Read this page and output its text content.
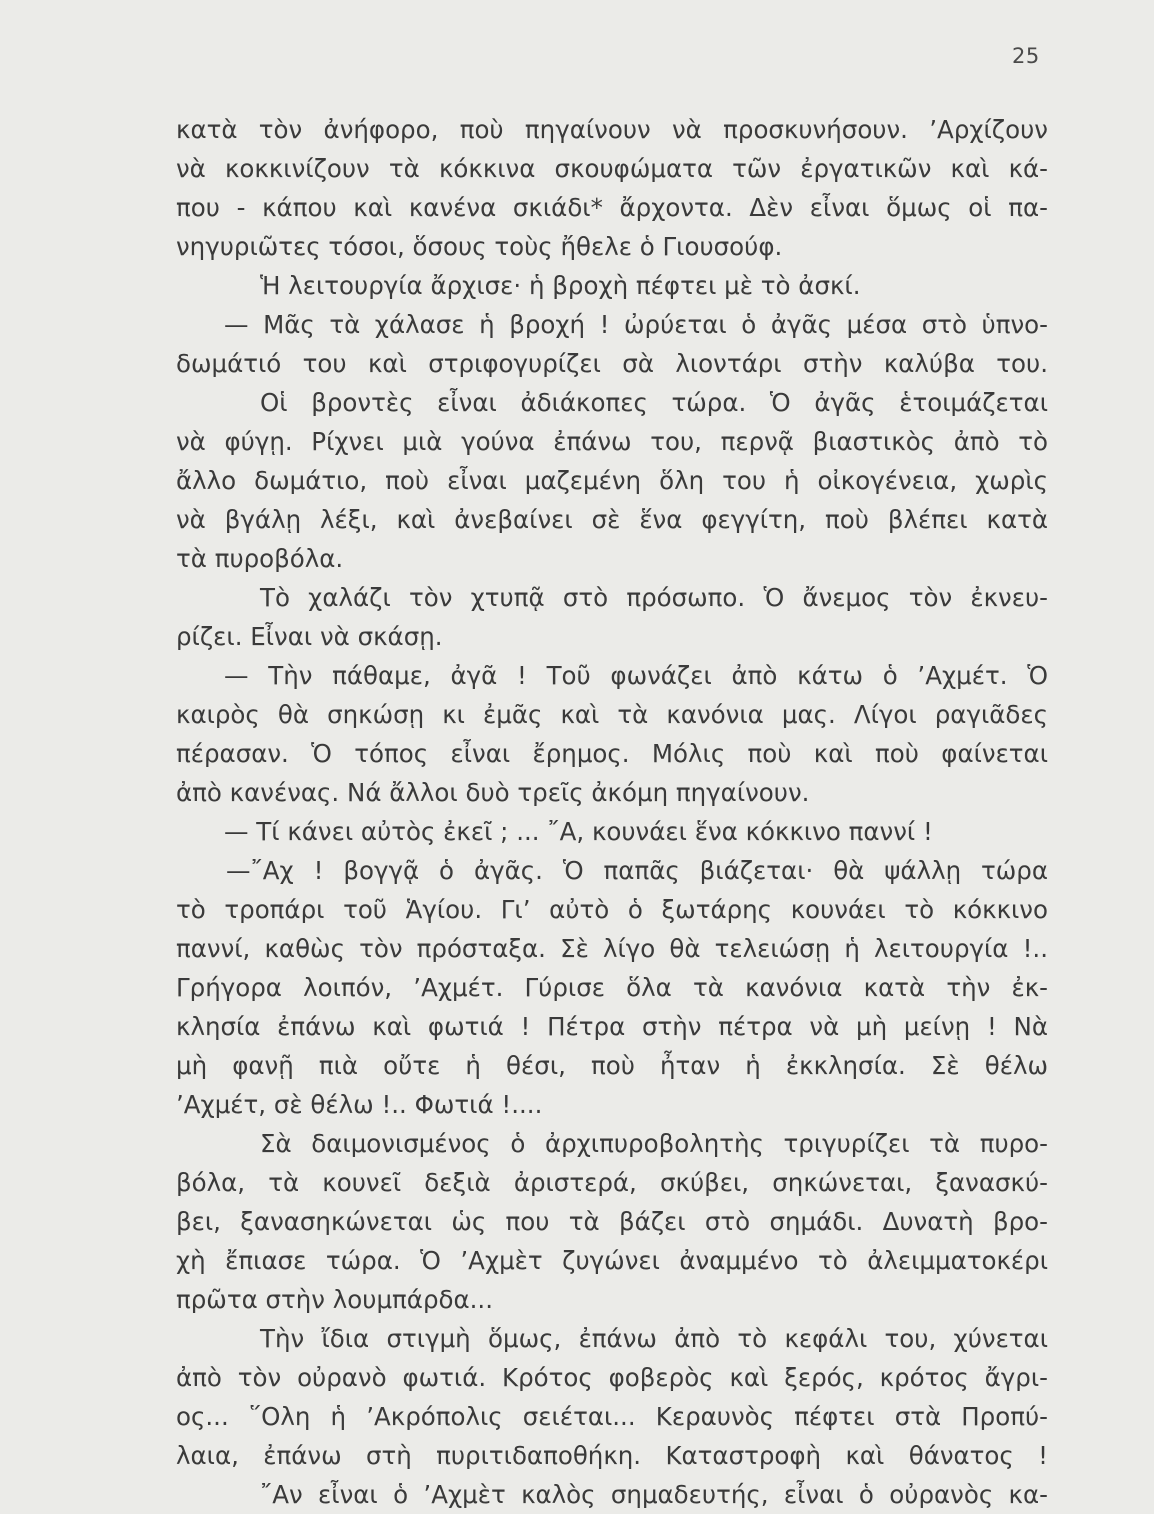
25
κατὰ τὸν ἀνήφορο, ποὺ πηγαίνουν νὰ προσκυνήσουν. ’Αρχίζουν
νὰ κοκκινίζουν τὰ κόκκινα σκουφώματα τῶν ἐργατικῶν καὶ κά-
που - κάπου καὶ κανένα σκιάδι* ἄρχοντα. Δὲν εἶναι ὅμως οἱ πα-
νηγυριῶτες τόσοι, ὅσους τοὺς ἤθελε ὁ Γιουσούφ.
Ἡ λειτουργία ἄρχισε· ἡ βροχὴ πέφτει μὲ τὸ ἀσκί.
— Μᾶς τὰ χάλασε ἡ βροχή ! ὠρύεται ὁ ἀγᾶς μέσα στὸ ὑπνο-
δωμάτιό του καὶ στριφογυρίζει σὰ λιοντάρι στὴν καλύβα του.
Οἱ βροντὲς εἶναι ἀδιάκοπες τώρα. Ὁ ἀγᾶς ἑτοιμάζεται
νὰ φύγῃ. Ρίχνει μιὰ γούνα ἐπάνω του, περνᾷ βιαστικὸς ἀπὸ τὸ
ἄλλο δωμάτιο, ποὺ εἶναι μαζεμένη ὅλη του ἡ οἰκογένεια, χωρὶς
νὰ βγάλῃ λέξι, καὶ ἀνεβαίνει σὲ ἕνα φεγγίτη, ποὺ βλέπει κατὰ
τὰ πυροβόλα.
Τὸ χαλάζι τὸν χτυπᾷ στὸ πρόσωπο. Ὁ ἄνεμος τὸν ἐκνευ-
ρίζει. Εἶναι νὰ σκάσῃ.
— Τὴν πάθαμε, ἀγᾶ ! Τοῦ φωνάζει ἀπὸ κάτω ὁ ’Αχμέτ. Ὁ
καιρὸς θὰ σηκώσῃ κι ἐμᾶς καὶ τὰ κανόνια μας. Λίγοι ραγιᾶδες
πέρασαν. Ὁ τόπος εἶναι ἔρημος. Μόλις ποὺ καὶ ποὺ φαίνεται
ἀπὸ κανένας. Νά ἄλλοι δυὸ τρεῖς ἀκόμη πηγαίνουν.
— Τί κάνει αὐτὸς ἐκεῖ ; ... ῎Α, κουνάει ἕνα κόκκινο παννί !
—῎Αχ ! βογγᾷ ὁ ἀγᾶς. Ὁ παπᾶς βιάζεται· θὰ ψάλλῃ τώρα
τὸ τροπάρι τοῦ Ἁγίου. Γι’ αὐτὸ ὁ ξωτάρης κουνάει τὸ κόκκινο
παννί, καθὼς τὸν πρόσταξα. Σὲ λίγο θὰ τελειώσῃ ἡ λειτουργία !..
Γρήγορα λοιπόν, ’Αχμέτ. Γύρισε ὅλα τὰ κανόνια κατὰ τὴν ἐκ-
κλησία ἐπάνω καὶ φωτιά ! Πέτρα στὴν πέτρα νὰ μὴ μείνῃ ! Νὰ
μὴ φανῇ πιὰ οὔτε ἡ θέσι, ποὺ ἦταν ἡ ἐκκλησία. Σὲ θέλω
’Αχμέτ, σὲ θέλω !.. Φωτιά !....
Σὰ δαιμονισμένος ὁ ἀρχιπυροβολητὴς τριγυρίζει τὰ πυρο-
βόλα, τὰ κουνεῖ δεξιὰ ἀριστερά, σκύβει, σηκώνεται, ξανασκύ-
βει, ξανασηκώνεται ὡς που τὰ βάζει στὸ σημάδι. Δυνατὴ βρο-
χὴ ἔπιασε τώρα. Ὁ ’Αχμὲτ ζυγώνει ἀναμμένο τὸ ἀλειμματοκέρι
πρῶτα στὴν λουμπάρδα...
Τὴν ἴδια στιγμὴ ὅμως, ἐπάνω ἀπὸ τὸ κεφάλι του, χύνεται
ἀπὸ τὸν οὐρανὸ φωτιά. Κρότος φοβερὸς καὶ ξερός, κρότος ἄγρι-
ος... ῞Ολη ἡ ’Ακρόπολις σειέται... Κεραυνὸς πέφτει στὰ Προπύ-
λαια, ἐπάνω στὴ πυριτιδαποθήκη. Καταστροφὴ καὶ θάνατος !
῎Αν εἶναι ὁ ’Αχμὲτ καλὸς σημαδευτής, εἶναι ὁ οὐρανὸς κα-
